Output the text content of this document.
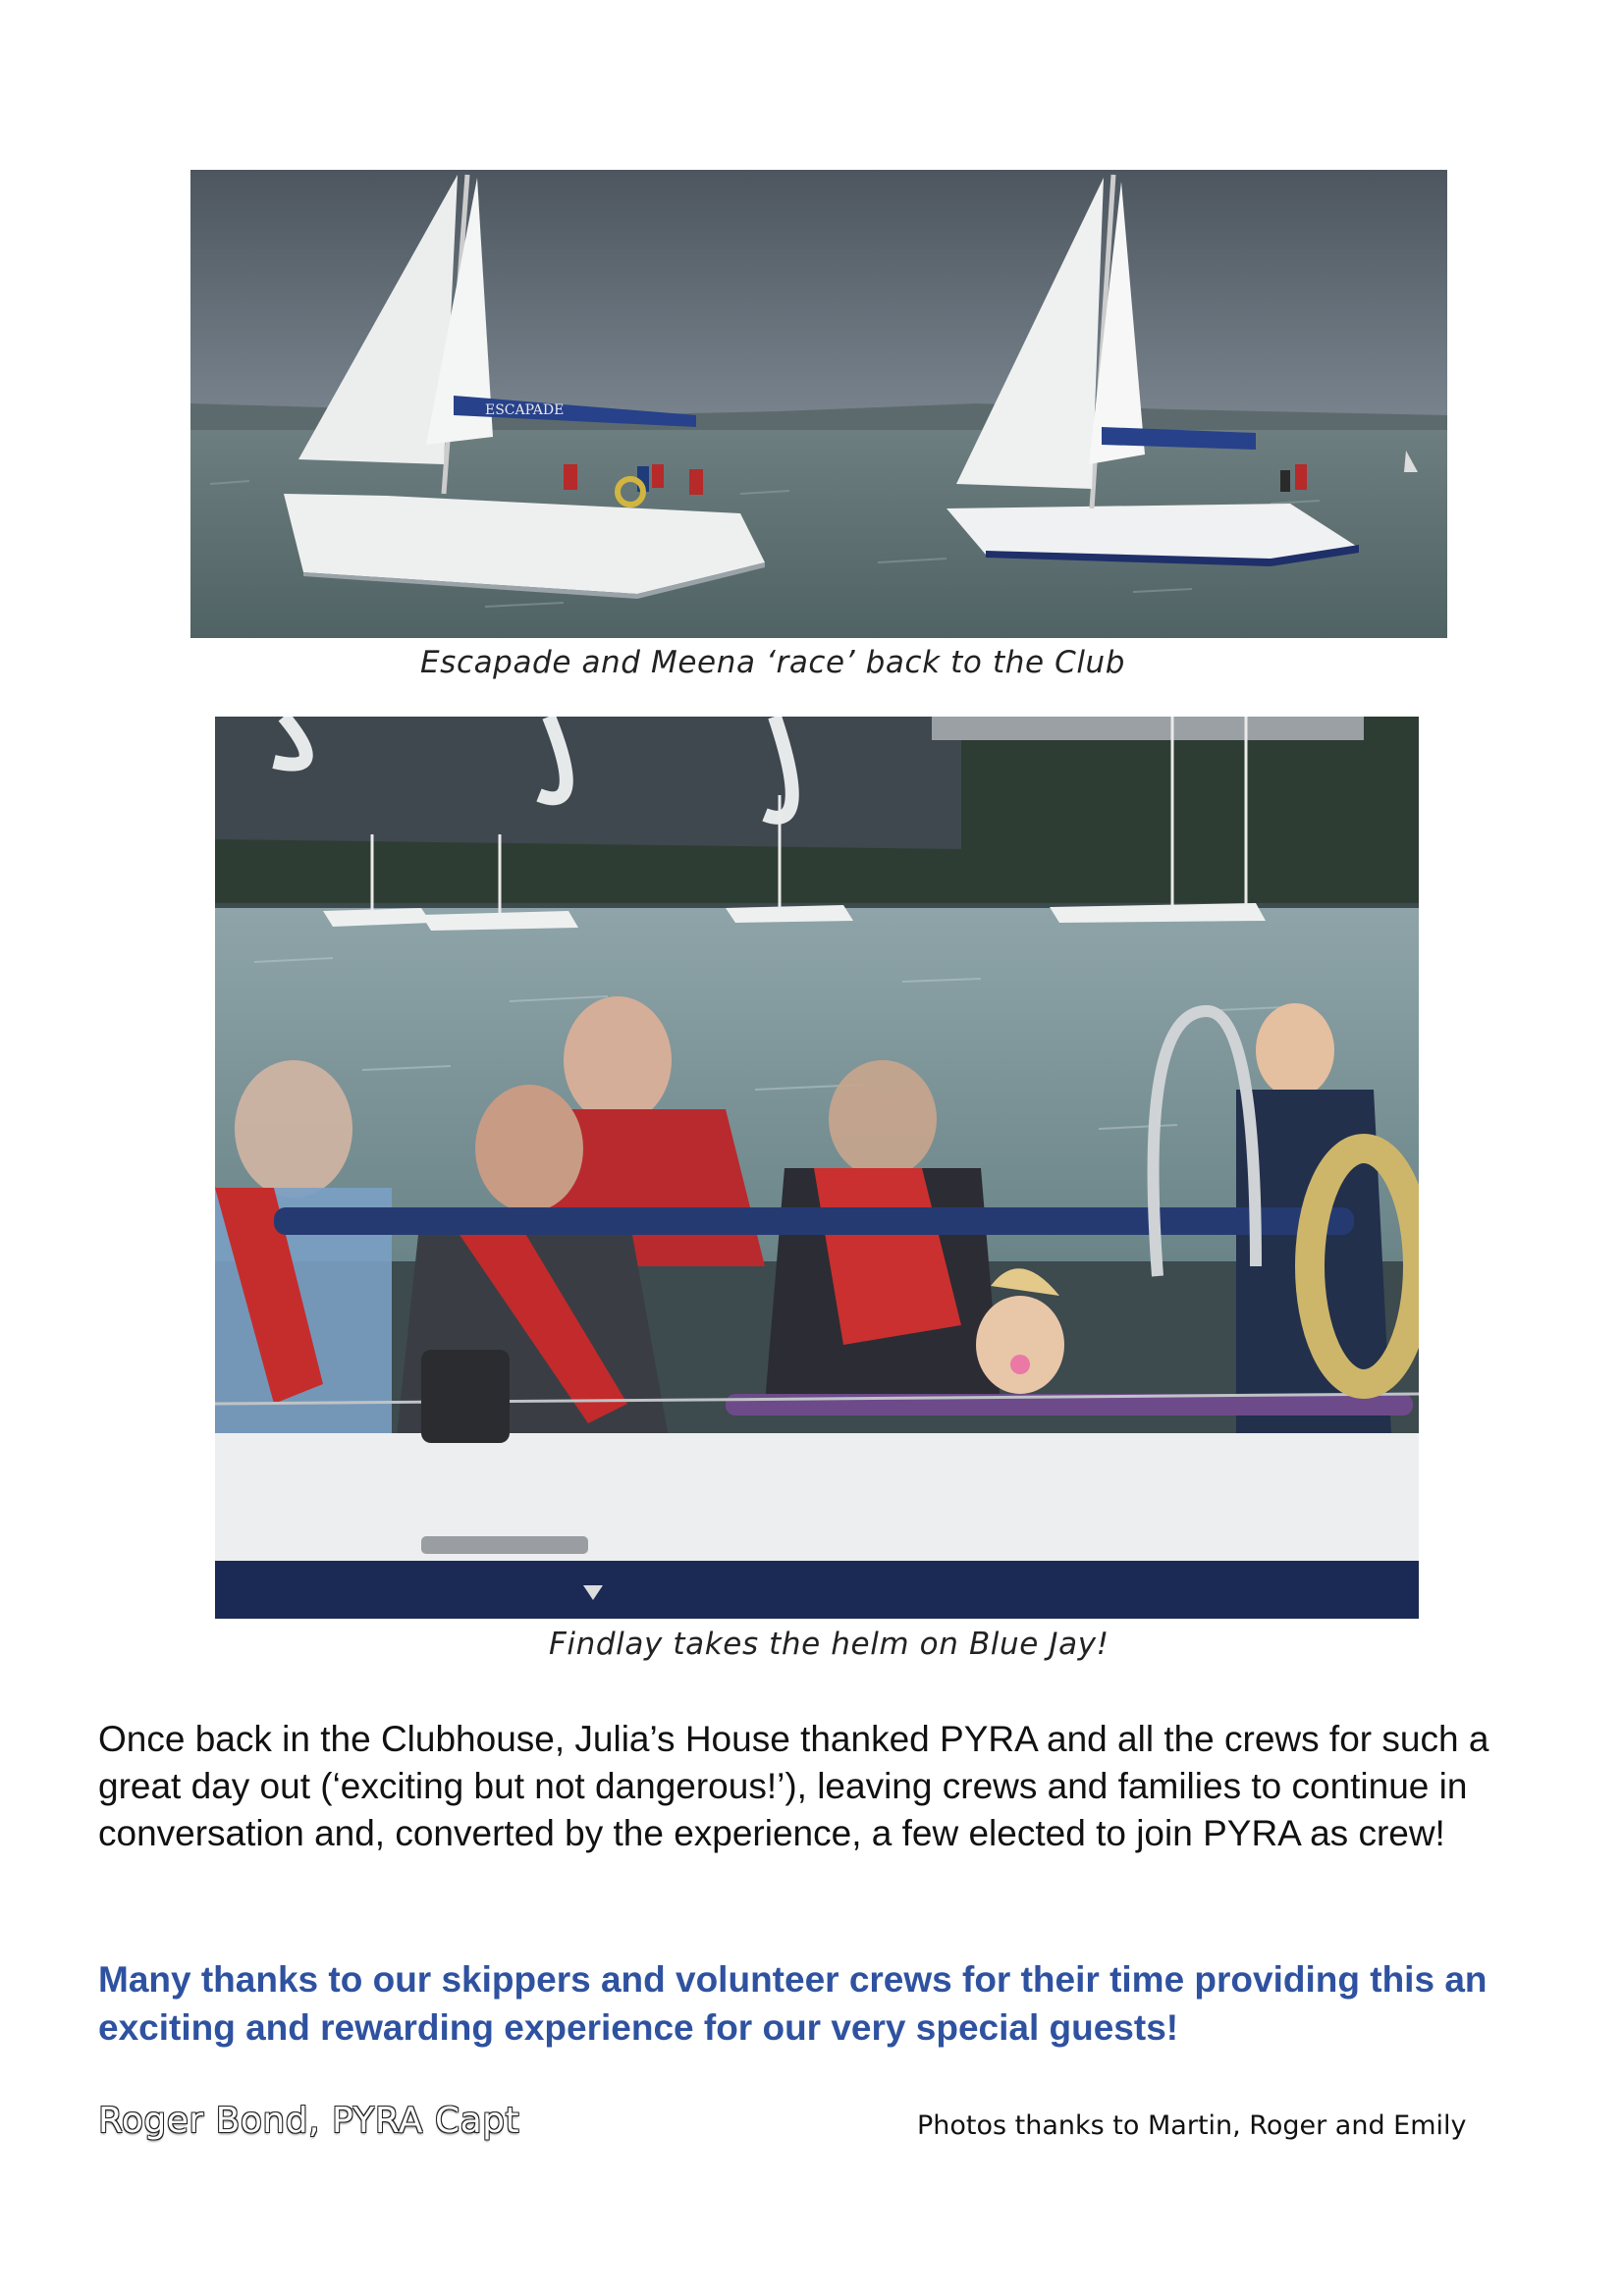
ESCAPADE
Escapade and Meena ‘race’ back to the Club
Findlay takes the helm on Blue Jay!
Once back in the Clubhouse, Julia’s House thanked PYRA and all the crews for such a great day out (‘exciting but not dangerous!’), leaving crews and families to continue in conversation and, converted by the experience, a few elected to join PYRA as crew!
Many thanks to our skippers and volunteer crews for their time providing this an exciting and rewarding experience for our very special guests!
Roger Bond, PYRA Capt	Photos thanks to Martin, Roger and Emily
